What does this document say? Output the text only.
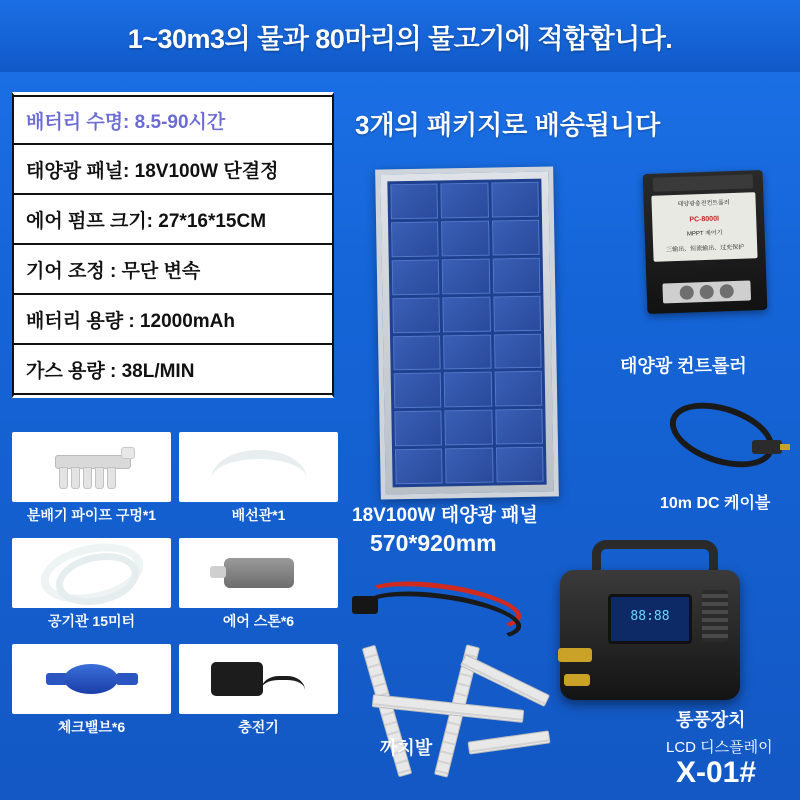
1~30m3의 물과 80마리의 물고기에 적합합니다.
배터리 수명: 8.5-90시간
태양광 패널: 18V100W 단결정
에어 펌프 크기: 27*16*15CM
기어 조정 : 무단 변속
배터리 용량 : 12000mAh
가스 용량 : 38L/MIN
3개의 패키지로 배송됩니다
분배기 파이프 구멍*1	배선관*1
공기관 15미터	에어 스톤*6
체크밸브*6	충전기
18V100W 태양광 패널
570*920mm
태양광충전컨트롤러
PC-8000I
MPPT 제어기
三输出、恒流输出、过充保护
MAX6A
태양광 컨트롤러
10m DC 케이블
까치발
88:88
통풍장치
LCD 디스플레이
X-01#
